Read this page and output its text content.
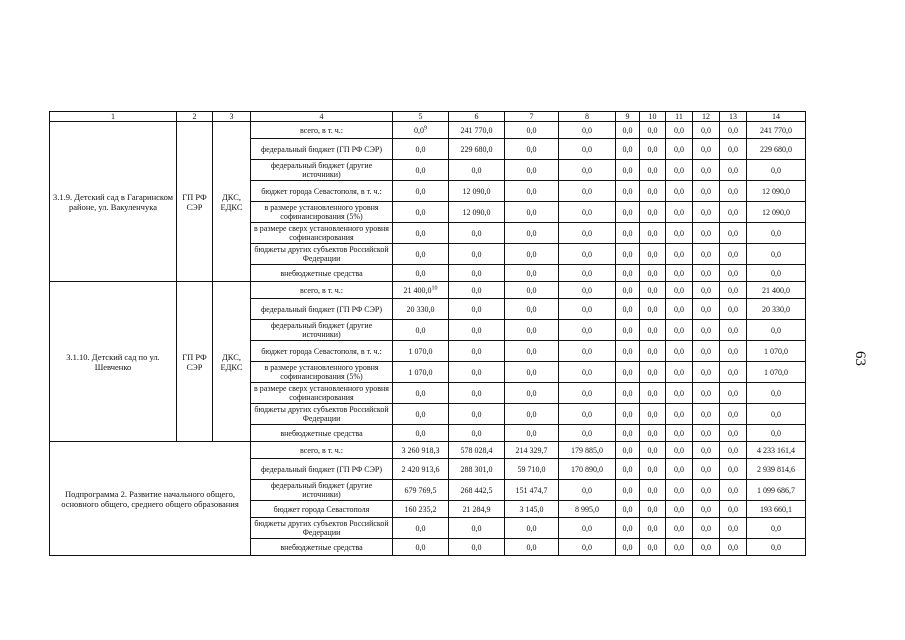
63
1	2	3	4	5	6	7	8	9	10	11	12	13	14
3.1.9. Детский сад в Гагаринском районе, ул. Вакуленчука	ГП РФ СЭР	ДКС, ЕДКС	всего, в т. ч.:	$0,0^9$	241 770,0	0,0	0,0	0,0	0,0	0,0	0,0	0,0	241 770,0
			федеральный бюджет (ГП РФ СЭР)	0,0	229 680,0	0,0	0,0	0,0	0,0	0,0	0,0	0,0	229 680,0
			федеральный бюджет (другие источники)	0,0	0,0	0,0	0,0	0,0	0,0	0,0	0,0	0,0	0,0
			бюджет города Севастополя, в т. ч.:	0,0	12 090,0	0,0	0,0	0,0	0,0	0,0	0,0	0,0	12 090,0
			в размере установленного уровня софинансирования (5%)	0,0	12 090,0	0,0	0,0	0,0	0,0	0,0	0,0	0,0	12 090,0
			в размере сверх установленного уровня софинансирования	0,0	0,0	0,0	0,0	0,0	0,0	0,0	0,0	0,0	0,0
			бюджеты других субъектов Российской Федерации	0,0	0,0	0,0	0,0	0,0	0,0	0,0	0,0	0,0	0,0
			внебюджетные средства	0,0	0,0	0,0	0,0	0,0	0,0	0,0	0,0	0,0	0,0
3.1.10. Детский сад по ул. Шевченко	ГП РФ СЭР	ДКС, ЕДКС	всего, в т. ч.:	21 400,0$^{10}$	0,0	0,0	0,0	0,0	0,0	0,0	0,0	0,0	21 400,0
			федеральный бюджет (ГП РФ СЭР)	20 330,0	0,0	0,0	0,0	0,0	0,0	0,0	0,0	0,0	20 330,0
			федеральный бюджет (другие источники)	0,0	0,0	0,0	0,0	0,0	0,0	0,0	0,0	0,0	0,0
			бюджет города Севастополя, в т. ч.:	1 070,0	0,0	0,0	0,0	0,0	0,0	0,0	0,0	0,0	1 070,0
			в размере установленного уровня софинансирования (5%)	1 070,0	0,0	0,0	0,0	0,0	0,0	0,0	0,0	0,0	1 070,0
			в размере сверх установленного уровня софинансирования	0,0	0,0	0,0	0,0	0,0	0,0	0,0	0,0	0,0	0,0
			бюджеты других субъектов Российской Федерации	0,0	0,0	0,0	0,0	0,0	0,0	0,0	0,0	0,0	0,0
			внебюджетные средства	0,0	0,0	0,0	0,0	0,0	0,0	0,0	0,0	0,0	0,0
Подпрограмма 2. Развитие начального общего, основного общего, среднего общего образования			всего, в т. ч.:	3 260 918,3	578 028,4	214 329,7	179 885,0	0,0	0,0	0,0	0,0	0,0	4 233 161,4
			федеральный бюджет (ГП РФ СЭР)	2 420 913,6	288 301,0	59 710,0	170 890,0	0,0	0,0	0,0	0,0	0,0	2 939 814,6
			федеральный бюджет (другие источники)	679 769,5	268 442,5	151 474,7	0,0	0,0	0,0	0,0	0,0	0,0	1 099 686,7
			бюджет города Севастополя	160 235,2	21 284,9	3 145,0	8 995,0	0,0	0,0	0,0	0,0	0,0	193 660,1
			бюджеты других субъектов Российской Федерации	0,0	0,0	0,0	0,0	0,0	0,0	0,0	0,0	0,0	0,0
			внебюджетные средства	0,0	0,0	0,0	0,0	0,0	0,0	0,0	0,0	0,0	0,0
